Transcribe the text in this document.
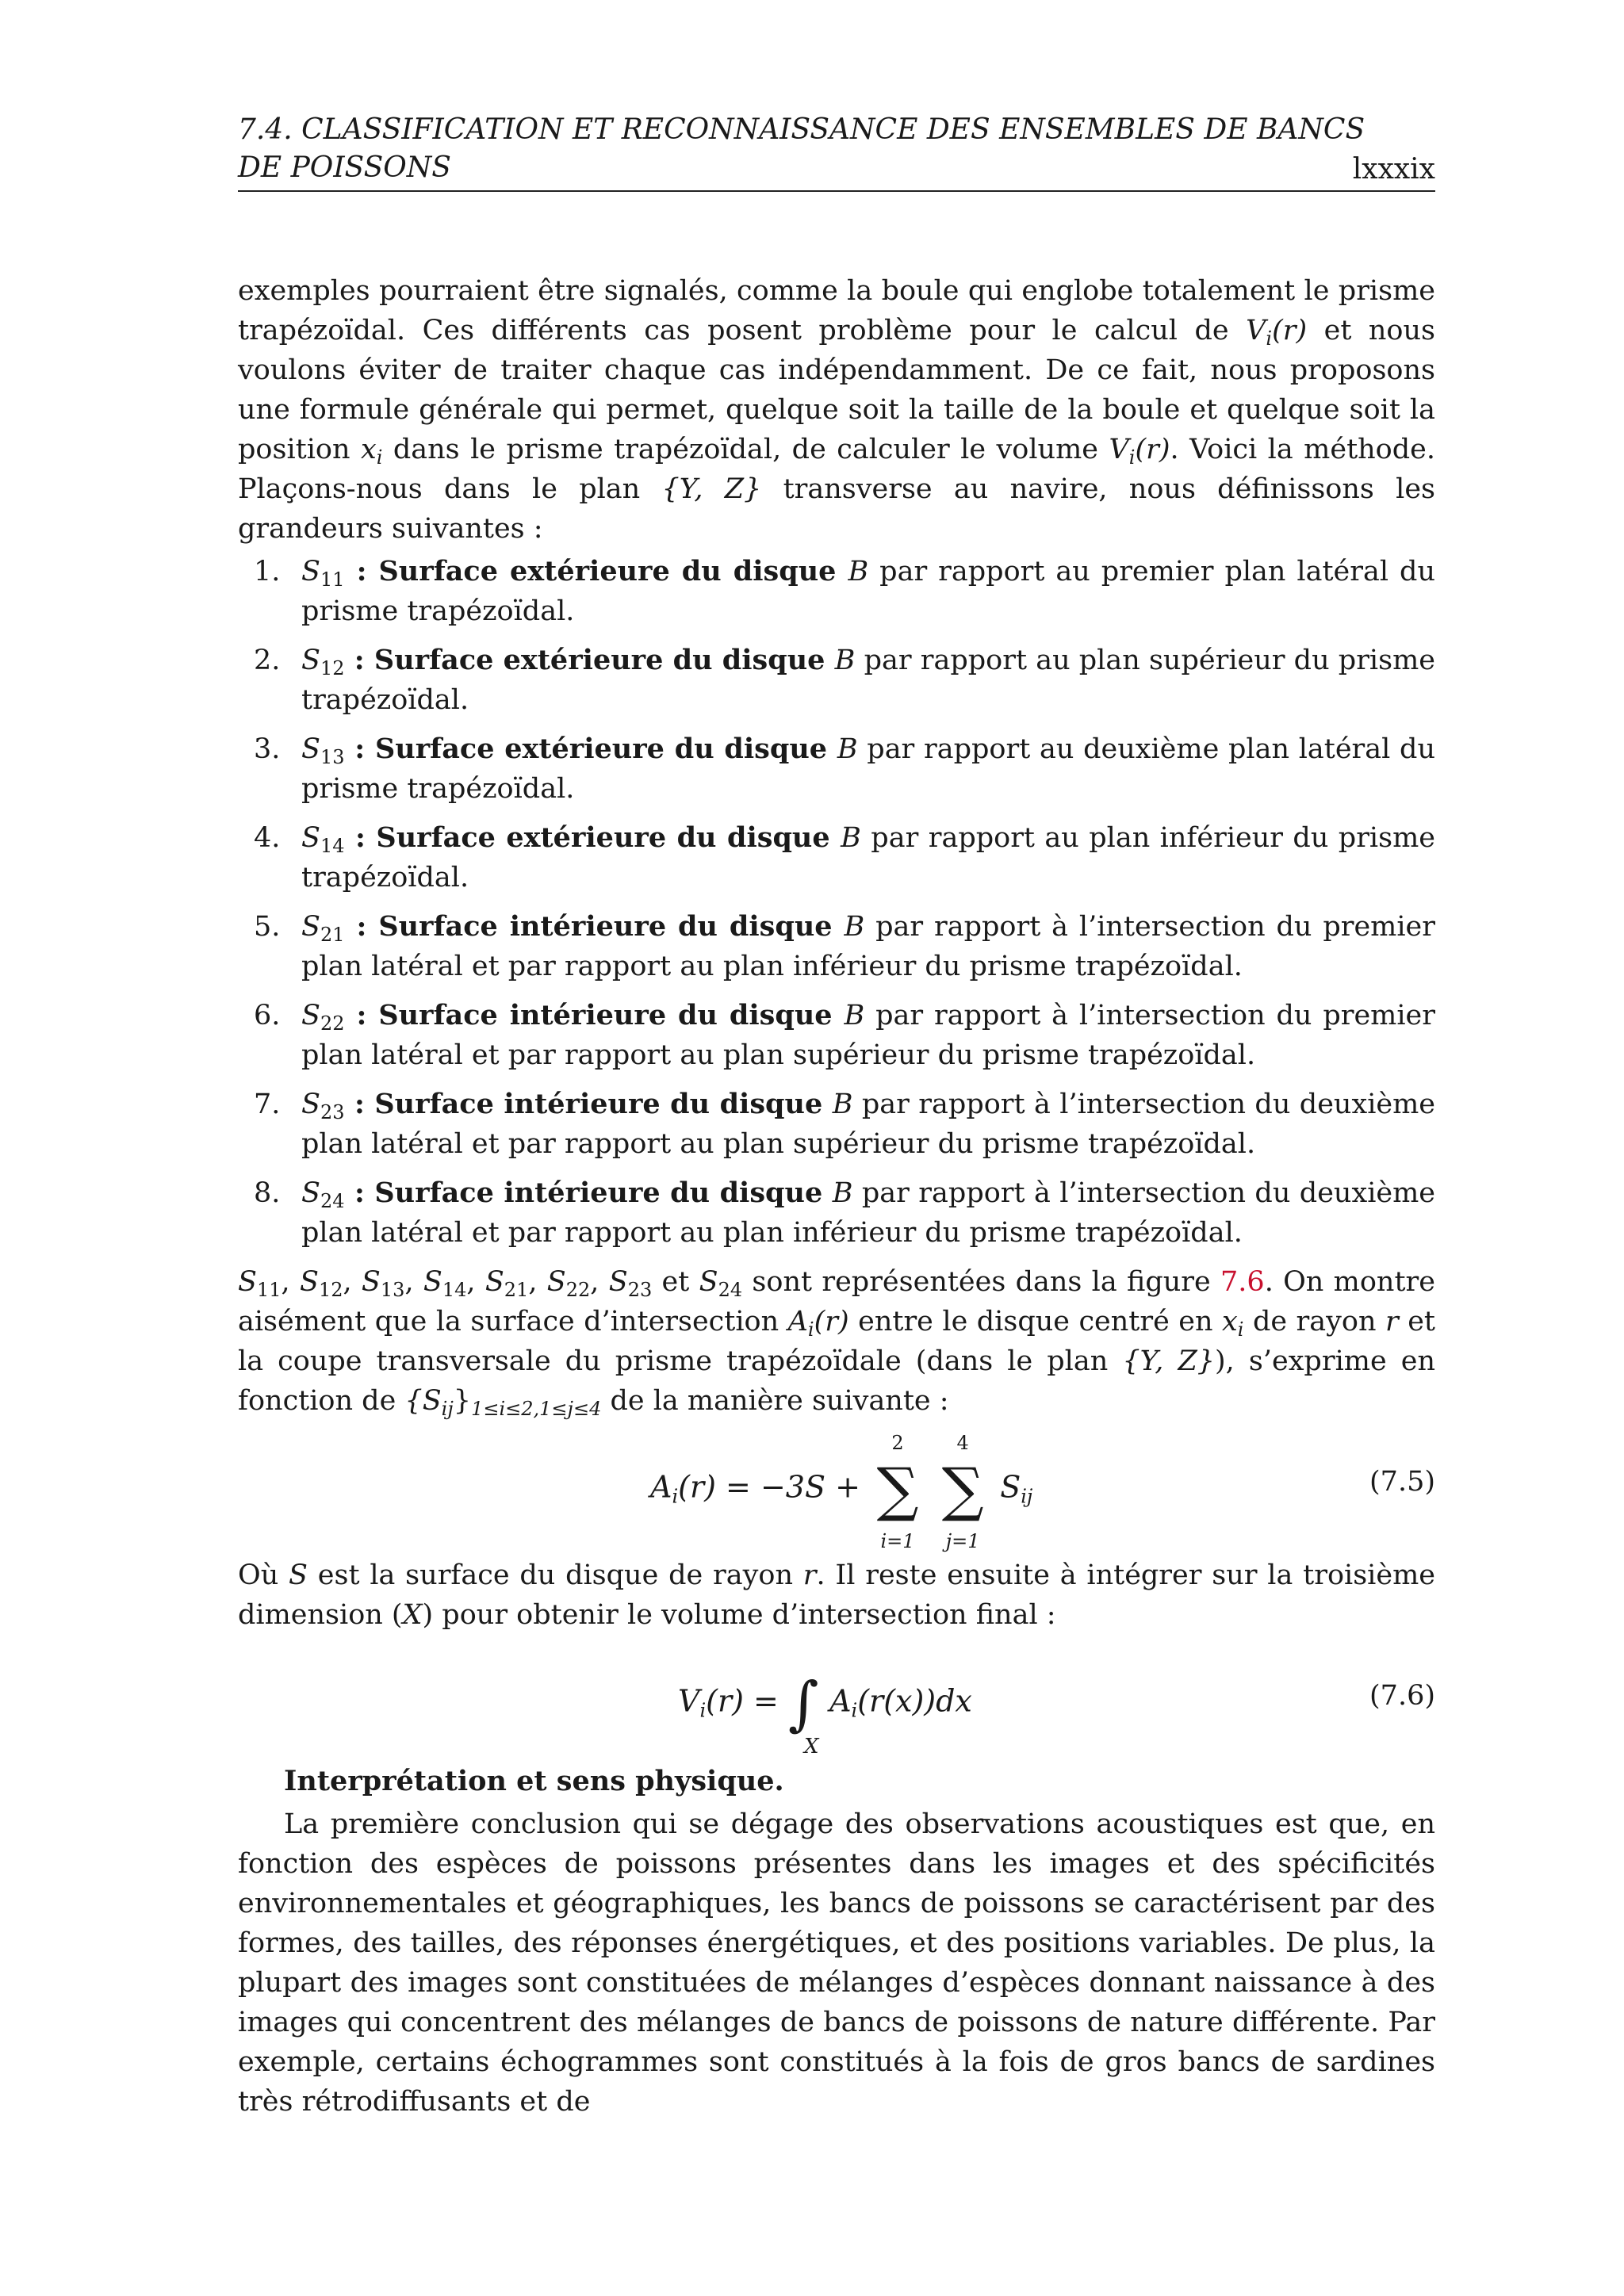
7.4. CLASSIFICATION ET RECONNAISSANCE DES ENSEMBLES DE BANCS
DE POISSONS	lxxxix

exemples pourraient être signalés, comme la boule qui englobe totalement le prisme trapézoïdal. Ces différents cas posent problème pour le calcul de $V_i(r)$ et nous voulons éviter de traiter chaque cas indépendamment. De ce fait, nous proposons une formule générale qui permet, quelque soit la taille de la boule et quelque soit la position $x_i$ dans le prisme trapézoïdal, de calculer le volume $V_i(r)$. Voici la méthode. Plaçons-nous dans le plan {Y, Z} transverse au navire, nous définissons les grandeurs suivantes :

1. $S_{11}$ : Surface extérieure du disque B par rapport au premier plan latéral du prisme trapézoïdal.
2. $S_{12}$ : Surface extérieure du disque B par rapport au plan supérieur du prisme trapézoïdal.
3. $S_{13}$ : Surface extérieure du disque B par rapport au deuxième plan latéral du prisme trapézoïdal.
4. $S_{14}$ : Surface extérieure du disque B par rapport au plan inférieur du prisme trapézoïdal.
5. $S_{21}$ : Surface intérieure du disque B par rapport à l’intersection du premier plan latéral et par rapport au plan inférieur du prisme trapézoïdal.
6. $S_{22}$ : Surface intérieure du disque B par rapport à l’intersection du premier plan latéral et par rapport au plan supérieur du prisme trapézoïdal.
7. $S_{23}$ : Surface intérieure du disque B par rapport à l’intersection du deuxième plan latéral et par rapport au plan supérieur du prisme trapézoïdal.
8. $S_{24}$ : Surface intérieure du disque B par rapport à l’intersection du deuxième plan latéral et par rapport au plan inférieur du prisme trapézoïdal.

$S_{11}$, $S_{12}$, $S_{13}$, $S_{14}$, $S_{21}$, $S_{22}$, $S_{23}$ et $S_{24}$ sont représentées dans la figure 7.6. On montre aisément que la surface d’intersection $A_i(r)$ entre le disque centré en $x_i$ de rayon r et la coupe transversale du prisme trapézoïdale (dans le plan {Y, Z}), s’exprime en fonction de $\{S_{ij}\}_{1\le i\le 2,1\le j\le 4}$ de la manière suivante :

$A_i(r) = -3S$ +
2
∑
i=1

4
∑
j=1
$S_{ij}$	(7.5)

Où S est la surface du disque de rayon r. Il reste ensuite à intégrer sur la troisième dimension (X) pour obtenir le volume d’intersection final :

$V_i(r)$ = ∫
X
$A_i(r(x))dx$	(7.6)
Interprétation et sens physique.

La première conclusion qui se dégage des observations acoustiques est que, en fonction des espèces de poissons présentes dans les images et des spécificités environnementales et géographiques, les bancs de poissons se caractérisent par des formes, des tailles, des réponses énergétiques, et des positions variables. De plus, la plupart des images sont constituées de mélanges d’espèces donnant naissance à des images qui concentrent des mélanges de bancs de poissons de nature différente. Par exemple, certains échogrammes sont constitués à la fois de gros bancs de sardines très rétrodiffusants et de
